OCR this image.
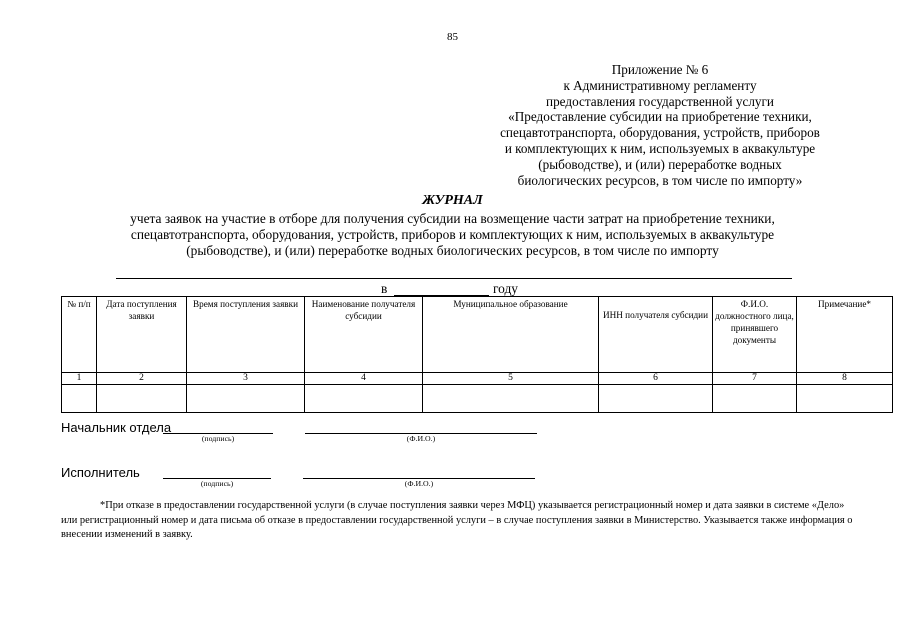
85
Приложение № 6
к Административному регламенту
предоставления государственной услуги
«Предоставление субсидии на приобретение техники,
спецавтотранспорта, оборудования, устройств, приборов
и комплектующих к ним, используемых в аквакультуре
(рыбоводстве), и (или) переработке водных
биологических ресурсов, в том числе по импорту»
ЖУРНАЛ
учета заявок на участие в отборе для получения субсидии на возмещение части затрат на приобретение техники,
спецавтотранспорта, оборудования, устройств, приборов и комплектующих к ним, используемых в аквакультуре
(рыбоводстве), и (или) переработке водных биологических ресурсов, в том числе по импорту
в	году
№ п/п	Дата поступления заявки	Время поступления заявки	Наименование получателя субсидии	Муниципальное образование	ИНН получателя субсидии	Ф.И.О. должностного лица, принявшего документы	Примечание*
1	2	3	4	5	6	7	8

Начальник отдела
(подпись)	(Ф.И.О.)
Исполнитель
(подпись)	(Ф.И.О.)
*При отказе в предоставлении государственной услуги (в случае поступления заявки через МФЦ) указывается регистрационный номер и дата заявки в системе «Дело» или регистрационный номер и дата письма об отказе в предоставлении государственной услуги – в случае поступления заявки в Министерство. Указывается также информация о внесении изменений в заявку.
